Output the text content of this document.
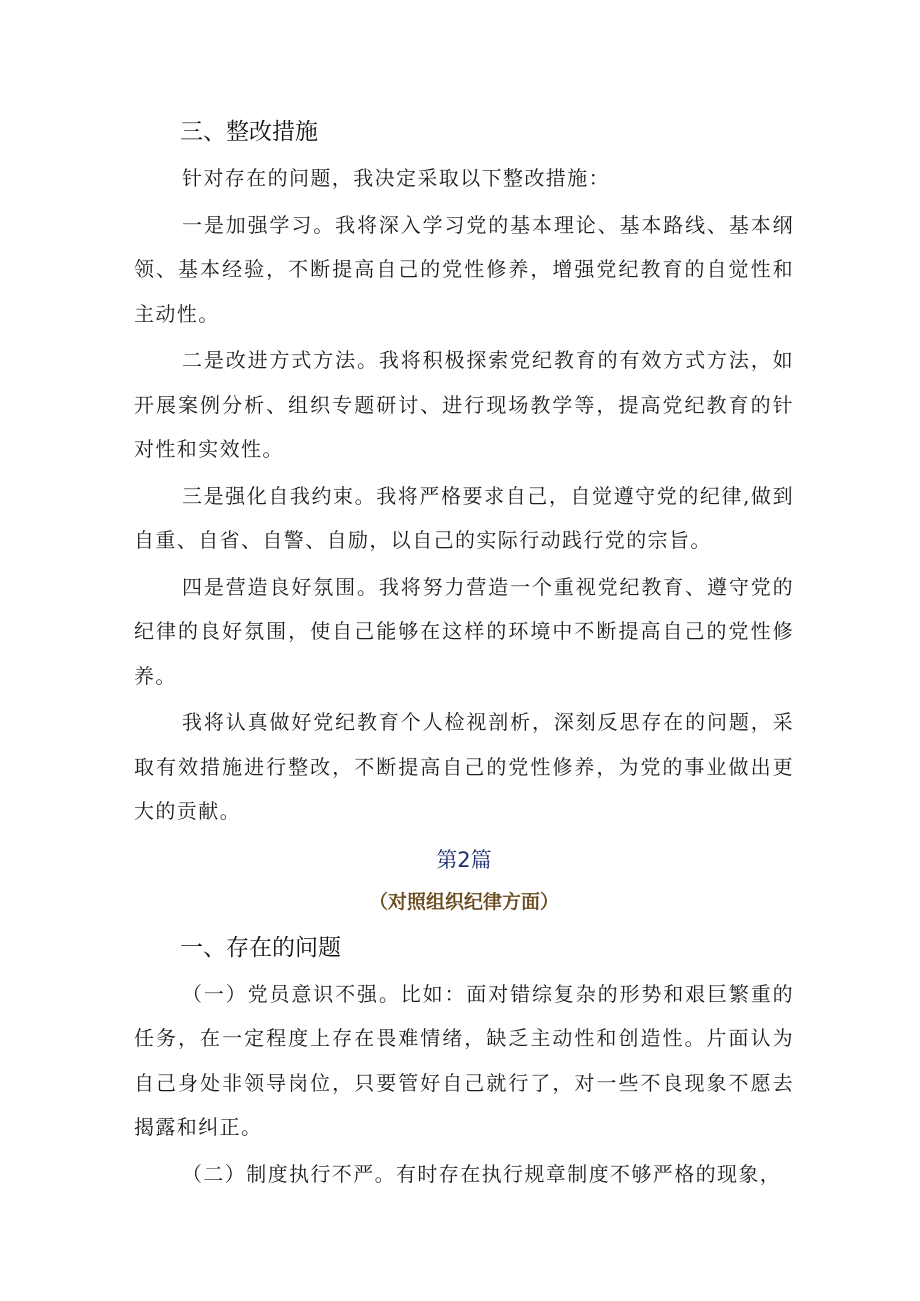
三、整改措施

针对存在的问题，我决定采取以下整改措施：

一是加强学习。我将深入学习党的基本理论、基本路线、基本纲领、基本经验，不断提高自己的党性修养，增强党纪教育的自觉性和主动性。

二是改进方式方法。我将积极探索党纪教育的有效方式方法，如开展案例分析、组织专题研讨、进行现场教学等，提高党纪教育的针对性和实效性。

三是强化自我约束。我将严格要求自己，自觉遵守党的纪律,做到自重、自省、自警、自励，以自己的实际行动践行党的宗旨。

四是营造良好氛围。我将努力营造一个重视党纪教育、遵守党的纪律的良好氛围，使自己能够在这样的环境中不断提高自己的党性修养。

我将认真做好党纪教育个人检视剖析，深刻反思存在的问题，采取有效措施进行整改，不断提高自己的党性修养，为党的事业做出更大的贡献。

第2篇
（对照组织纪律方面）
一、存在的问题

（一）党员意识不强。比如：面对错综复杂的形势和艰巨繁重的任务，在一定程度上存在畏难情绪，缺乏主动性和创造性。片面认为自己身处非领导岗位，只要管好自己就行了，对一些不良现象不愿去揭露和纠正。

（二）制度执行不严。有时存在执行规章制度不够严格的现象，
